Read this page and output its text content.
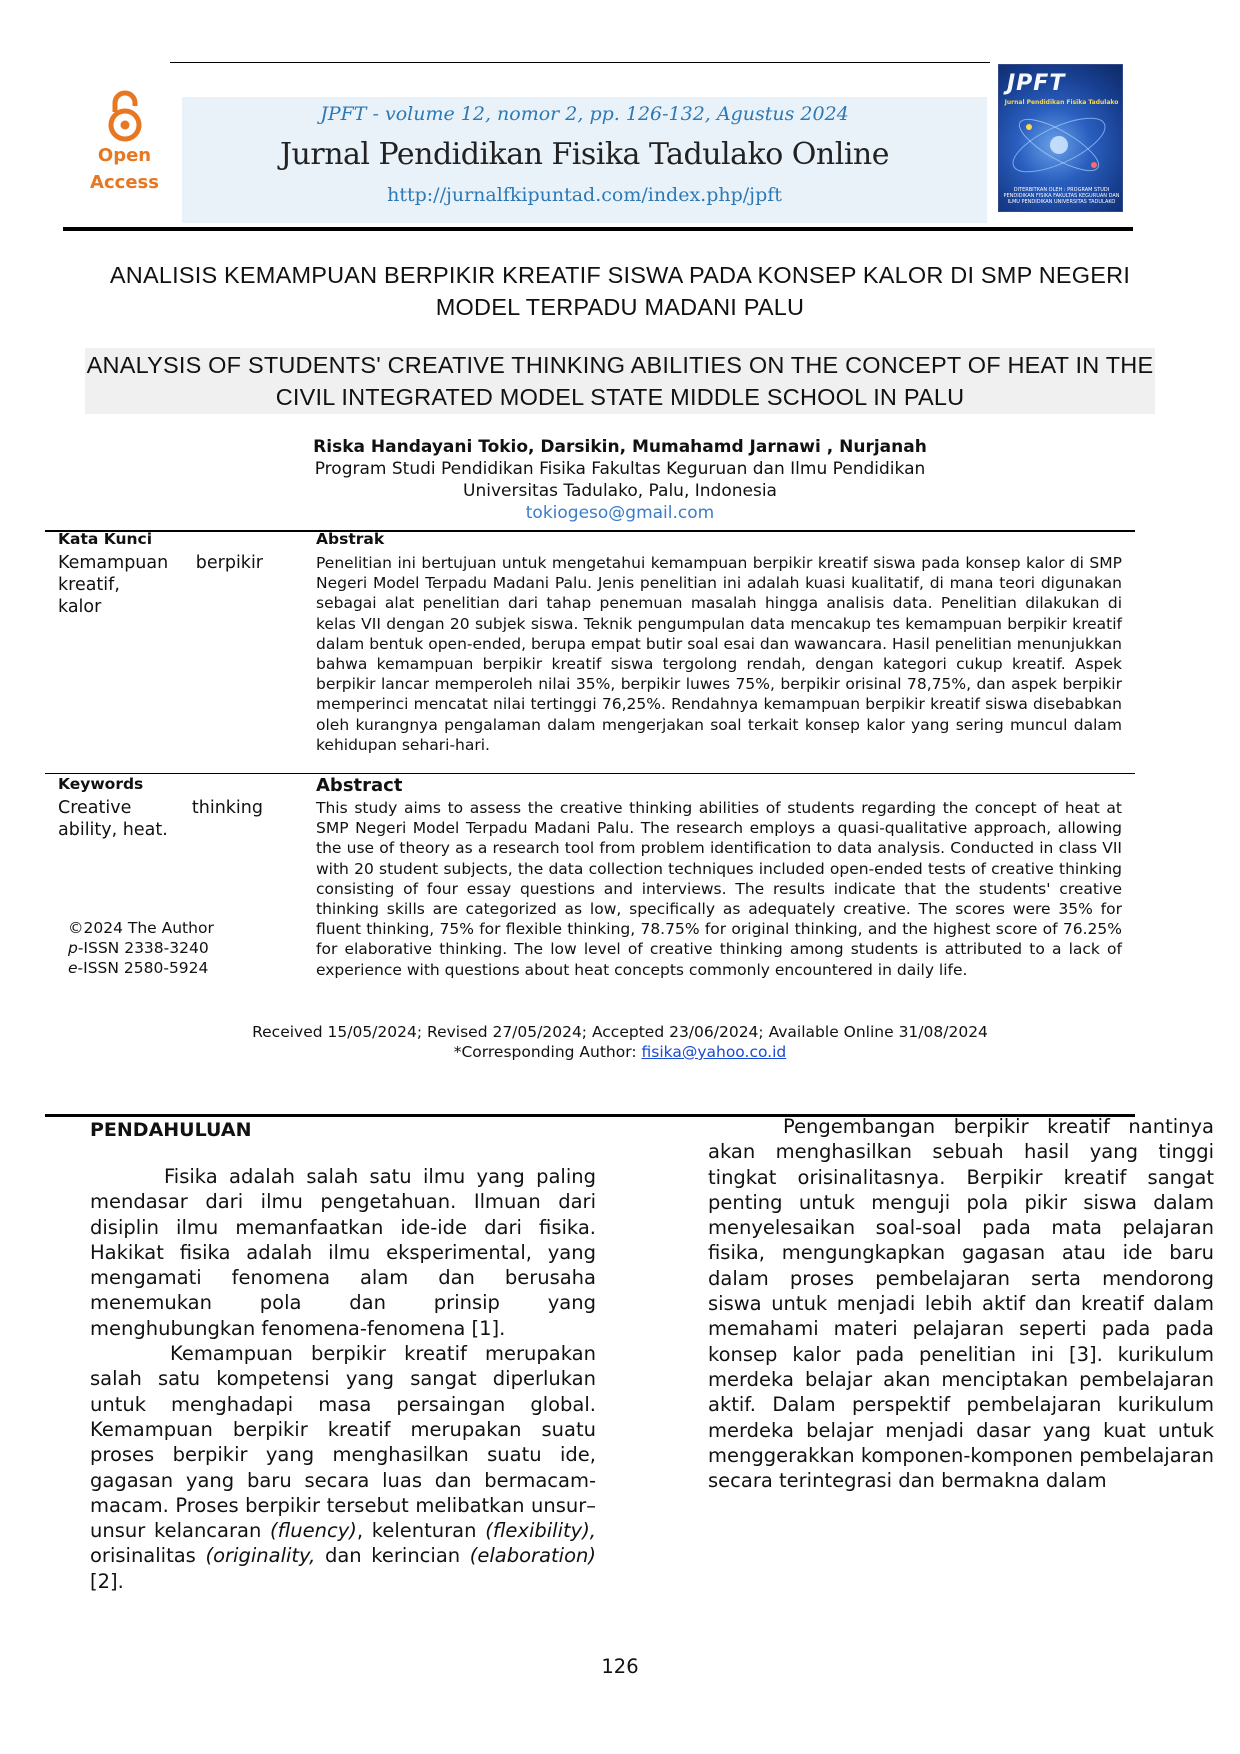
Open
Access
JPFT - volume 12, nomor 2, pp. 126-132, Agustus 2024
Jurnal Pendidikan Fisika Tadulako Online
http://jurnalfkipuntad.com/index.php/jpft
JPFT
Jurnal Pendidikan Fisika Tadulako
DITERBITKAN OLEH : PROGRAM STUDI PENDIDIKAN FISIKA FAKULTAS KEGURUAN DAN ILMU PENDIDIKAN UNIVERSITAS TADULAKO
ANALISIS KEMAMPUAN BERPIKIR KREATIF SISWA PADA KONSEP KALOR DI SMP NEGERI MODEL TERPADU MADANI PALU
ANALYSIS OF STUDENTS' CREATIVE THINKING ABILITIES ON THE CONCEPT OF HEAT IN THE CIVIL INTEGRATED MODEL STATE MIDDLE SCHOOL IN PALU
Riska Handayani Tokio, Darsikin, Mumahamd Jarnawi , Nurjanah
Program Studi Pendidikan Fisika Fakultas Keguruan dan Ilmu Pendidikan
Universitas Tadulako, Palu, Indonesia
tokiogeso@gmail.com
Kata Kunci
Kemampuan berpikir
kreatif,
kalor
Abstrak
Penelitian ini bertujuan untuk mengetahui kemampuan berpikir kreatif siswa pada konsep kalor di SMP Negeri Model Terpadu Madani Palu. Jenis penelitian ini adalah kuasi kualitatif, di mana teori digunakan sebagai alat penelitian dari tahap penemuan masalah hingga analisis data. Penelitian dilakukan di kelas VII dengan 20 subjek siswa. Teknik pengumpulan data mencakup tes kemampuan berpikir kreatif dalam bentuk open-ended, berupa empat butir soal esai dan wawancara. Hasil penelitian menunjukkan bahwa kemampuan berpikir kreatif siswa tergolong rendah, dengan kategori cukup kreatif. Aspek berpikir lancar memperoleh nilai 35%, berpikir luwes 75%, berpikir orisinal 78,75%, dan aspek berpikir memperinci mencatat nilai tertinggi 76,25%. Rendahnya kemampuan berpikir kreatif siswa disebabkan oleh kurangnya pengalaman dalam mengerjakan soal terkait konsep kalor yang sering muncul dalam kehidupan sehari-hari.
Keywords
Creative thinking
ability, heat.
Abstract
This study aims to assess the creative thinking abilities of students regarding the concept of heat at SMP Negeri Model Terpadu Madani Palu. The research employs a quasi-qualitative approach, allowing the use of theory as a research tool from problem identification to data analysis. Conducted in class VII with 20 student subjects, the data collection techniques included open-ended tests of creative thinking consisting of four essay questions and interviews. The results indicate that the students' creative thinking skills are categorized as low, specifically as adequately creative. The scores were 35% for fluent thinking, 75% for flexible thinking, 78.75% for original thinking, and the highest score of 76.25% for elaborative thinking. The low level of creative thinking among students is attributed to a lack of experience with questions about heat concepts commonly encountered in daily life.
©2024 The Author
p-ISSN 2338-3240
e-ISSN 2580-5924
Received 15/05/2024; Revised 27/05/2024; Accepted 23/06/2024; Available Online 31/08/2024
*Corresponding Author: fisika@yahoo.co.id
PENDAHULUAN

Fisika adalah salah satu ilmu yang paling mendasar dari ilmu pengetahuan. Ilmuan dari disiplin ilmu memanfaatkan ide-ide dari fisika. Hakikat fisika adalah ilmu eksperimental, yang mengamati fenomena alam dan berusaha menemukan pola dan prinsip yang menghubungkan fenomena-fenomena [1].

Kemampuan berpikir kreatif merupakan salah satu kompetensi yang sangat diperlukan untuk menghadapi masa persaingan global. Kemampuan berpikir kreatif merupakan suatu proses berpikir yang menghasilkan suatu ide, gagasan yang baru secara luas dan bermacam-macam. Proses berpikir tersebut melibatkan unsur–unsur kelancaran (fluency), kelenturan (flexibility), orisinalitas (originality, dan kerincian (elaboration) [2].

Pengembangan berpikir kreatif nantinya akan menghasilkan sebuah hasil yang tinggi tingkat orisinalitasnya. Berpikir kreatif sangat penting untuk menguji pola pikir siswa dalam menyelesaikan soal-soal pada mata pelajaran fisika, mengungkapkan gagasan atau ide baru dalam proses pembelajaran serta mendorong siswa untuk menjadi lebih aktif dan kreatif dalam memahami materi pelajaran seperti pada pada konsep kalor pada penelitian ini [3]. kurikulum merdeka belajar akan menciptakan pembelajaran aktif. Dalam perspektif pembelajaran kurikulum merdeka belajar menjadi dasar yang kuat untuk menggerakkan komponen-komponen pembelajaran secara terintegrasi dan bermakna dalam

126
